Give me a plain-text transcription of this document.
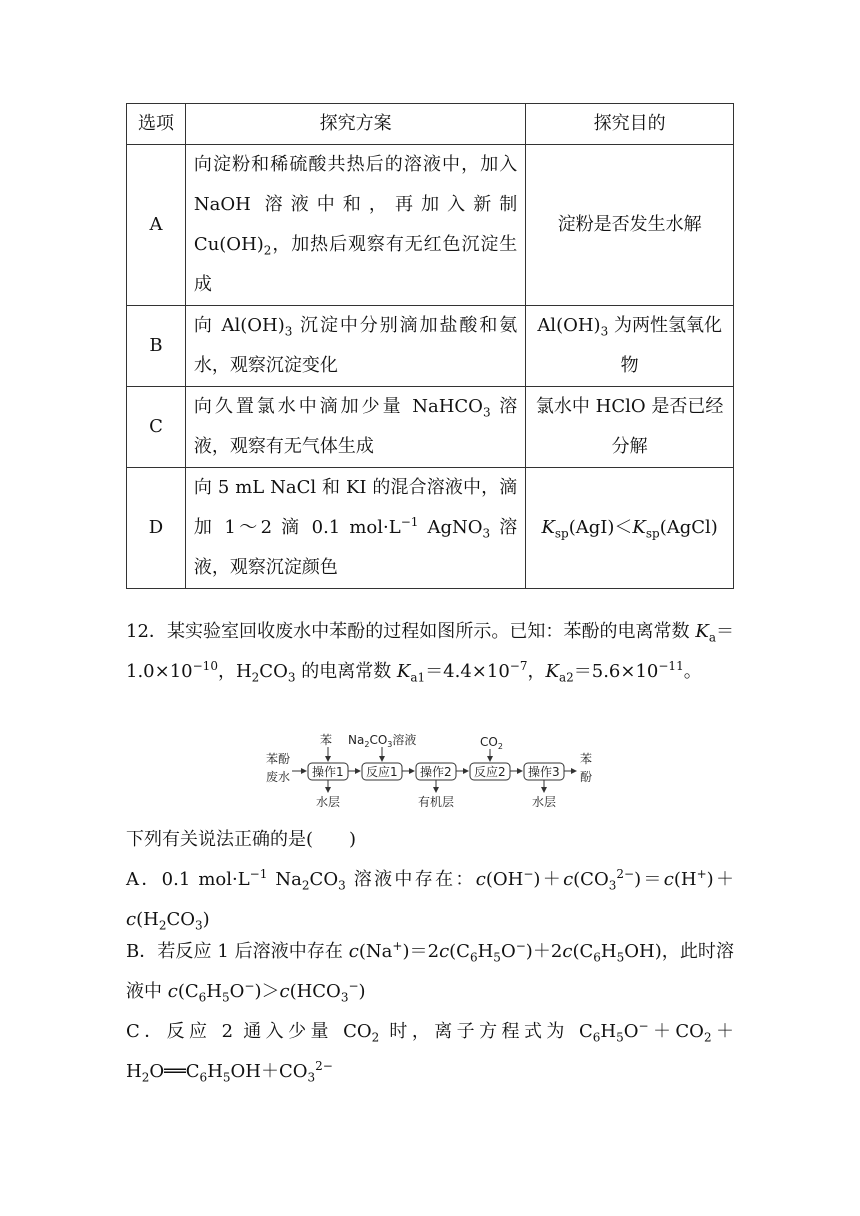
选项	探究方案	探究目的
A	向淀粉和稀硫酸共热后的溶液中，加入 NaOH 溶液中和，再加入新制 $Cu(OH)_2$，加热后观察有无红色沉淀生成	淀粉是否发生水解
B	向 $Al(OH)_3$ 沉淀中分别滴加盐酸和氨水，观察沉淀变化	$Al(OH)_3$ 为两性氢氧化物
C	向久置氯水中滴加少量 NaHCO$_3$ 溶液，观察有无气体生成	氯水中 HClO 是否已经分解
D	向 5 mL NaCl 和 KI 的混合溶液中，滴加 1～2 滴 0.1 $mol\cdot L^{-1}$ AgNO$_3$ 溶液，观察沉淀颜色	$K_{sp}(AgI)<K_{sp}(AgCl)$

12．某实验室回收废水中苯酚的过程如图所示。已知：苯酚的电离常数 $K_a=1.0\times 10^{-10}$，$H_2CO_3$ 的电离常数 $K_{a1}=4.4\times 10^{-7}$，$K_{a2}=5.6\times 10^{-11}$。

苯酚
废水 操作1 反应1 操作2 反应2 操作3
苯
酚
苯 $Na_2CO_3$溶液	$CO_2$
水层	有机层	水层

下列有关说法正确的是(　　)

A．0.1 $mol\cdot L^{-1}$ $Na_2CO_3$ 溶液中存在：$c(OH^-)+c(CO_3^{2-})=c(H^+)+c(H_2CO_3)$

B．若反应 1 后溶液中存在 $c(Na^+)=2c(C_6H_5O^-)+2c(C_6H_5OH)$，此时溶液中 $c(C_6H_5O^-)>c(HCO_3^-)$

C．反应 2 通入少量 $CO_2$ 时，离子方程式为 $C_6H_5O^-+CO_2+H_2O══C_6H_5OH+CO_3^{2-}$
